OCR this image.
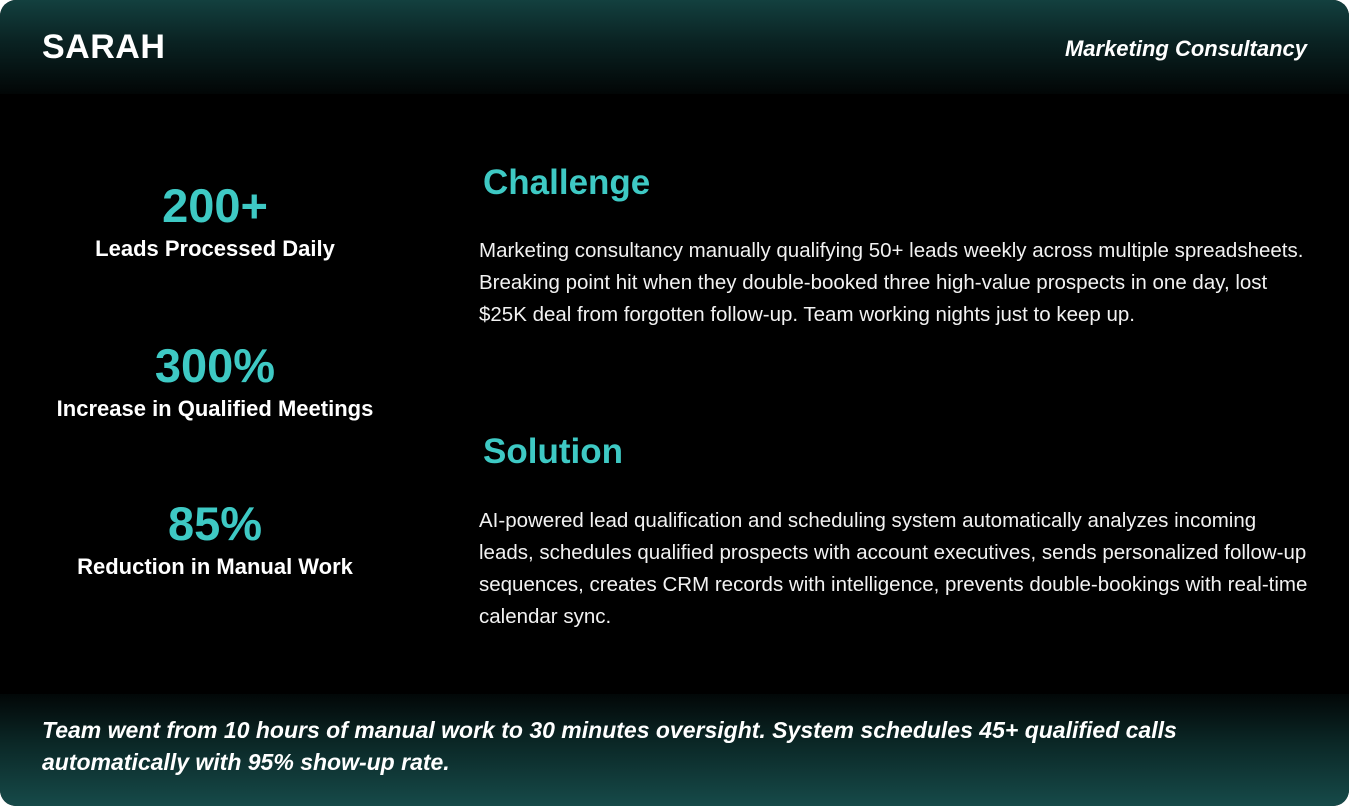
SARAH	Marketing Consultancy
200+
Leads Processed Daily
300%
Increase in Qualified Meetings
85%
Reduction in Manual Work
Challenge
Marketing consultancy manually qualifying 50+ leads weekly across multiple spreadsheets. Breaking point hit when they double-booked three high-value prospects in one day, lost $25K deal from forgotten follow-up. Team working nights just to keep up.
Solution
AI-powered lead qualification and scheduling system automatically analyzes incoming leads, schedules qualified prospects with account executives, sends personalized follow-up sequences, creates CRM records with intelligence, prevents double-bookings with real-time calendar sync.
Team went from 10 hours of manual work to 30 minutes oversight. System schedules 45+ qualified calls automatically with 95% show-up rate.
